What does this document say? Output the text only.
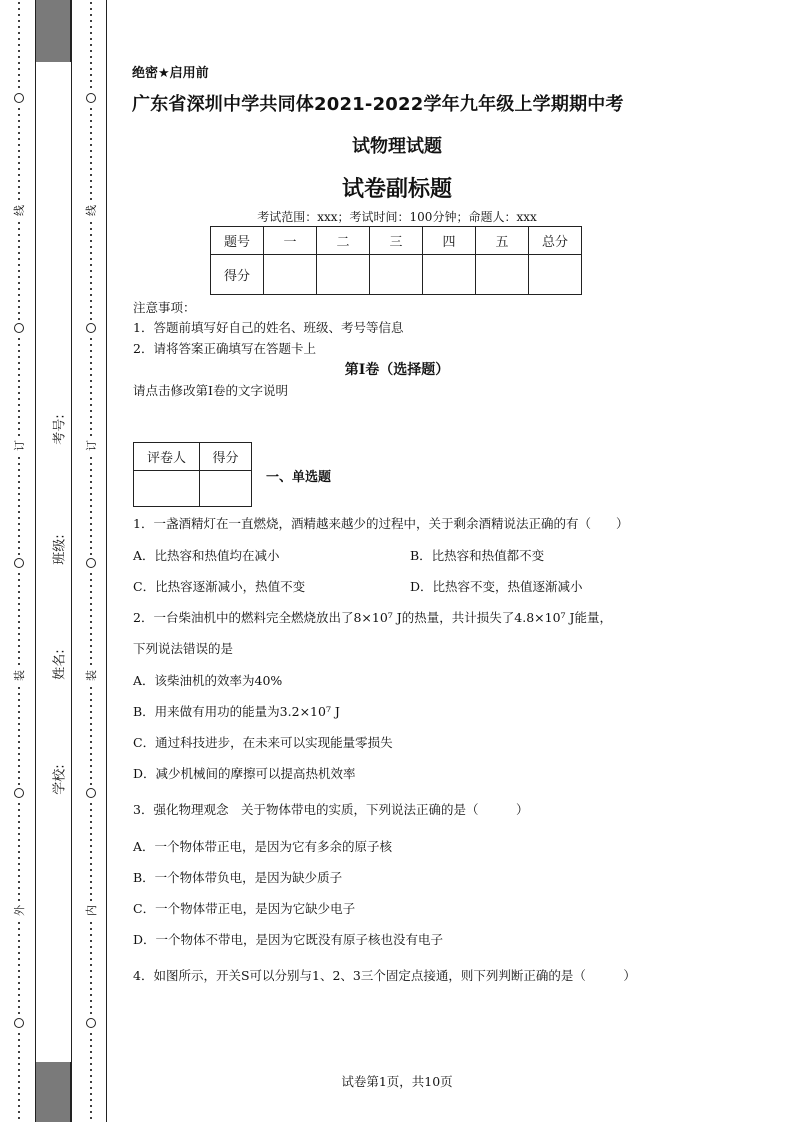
线
订
装
外
考号:
班级:
姓名:
学校:
线
订
装
内
绝密★启用前
广东省深圳中学共同体2021-2022学年九年级上学期期中考
试物理试题
试卷副标题
考试范围：xxx；考试时间：100分钟；命题人：xxx
题号	一	二	三	四	五	总分
得分						
注意事项：
1．答题前填写好自己的姓名、班级、考号等信息
2．请将答案正确填写在答题卡上
第I卷（选择题）
请点击修改第I卷的文字说明
评卷人	得分

一、单选题
1．一盏酒精灯在一直燃烧，酒精越来越少的过程中，关于剩余酒精说法正确的有（　　）
A．比热容和热值均在减小	B．比热容和热值都不变
C．比热容逐渐减小，热值不变	D．比热容不变，热值逐渐减小
2．一台柴油机中的燃料完全燃烧放出了8×10⁷ J的热量，共计损失了4.8×10⁷ J能量，
下列说法错误的是
A．该柴油机的效率为40%
B．用来做有用功的能量为3.2×10⁷ J
C．通过科技进步，在未来可以实现能量零损失
D．减少机械间的摩擦可以提高热机效率
3．强化物理观念　关于物体带电的实质，下列说法正确的是（　　　）
A．一个物体带正电，是因为它有多余的原子核
B．一个物体带负电，是因为缺少质子
C．一个物体带正电，是因为它缺少电子
D．一个物体不带电，是因为它既没有原子核也没有电子
4．如图所示，开关S可以分别与1、2、3三个固定点接通，则下列判断正确的是（　　　）
试卷第1页，共10页
